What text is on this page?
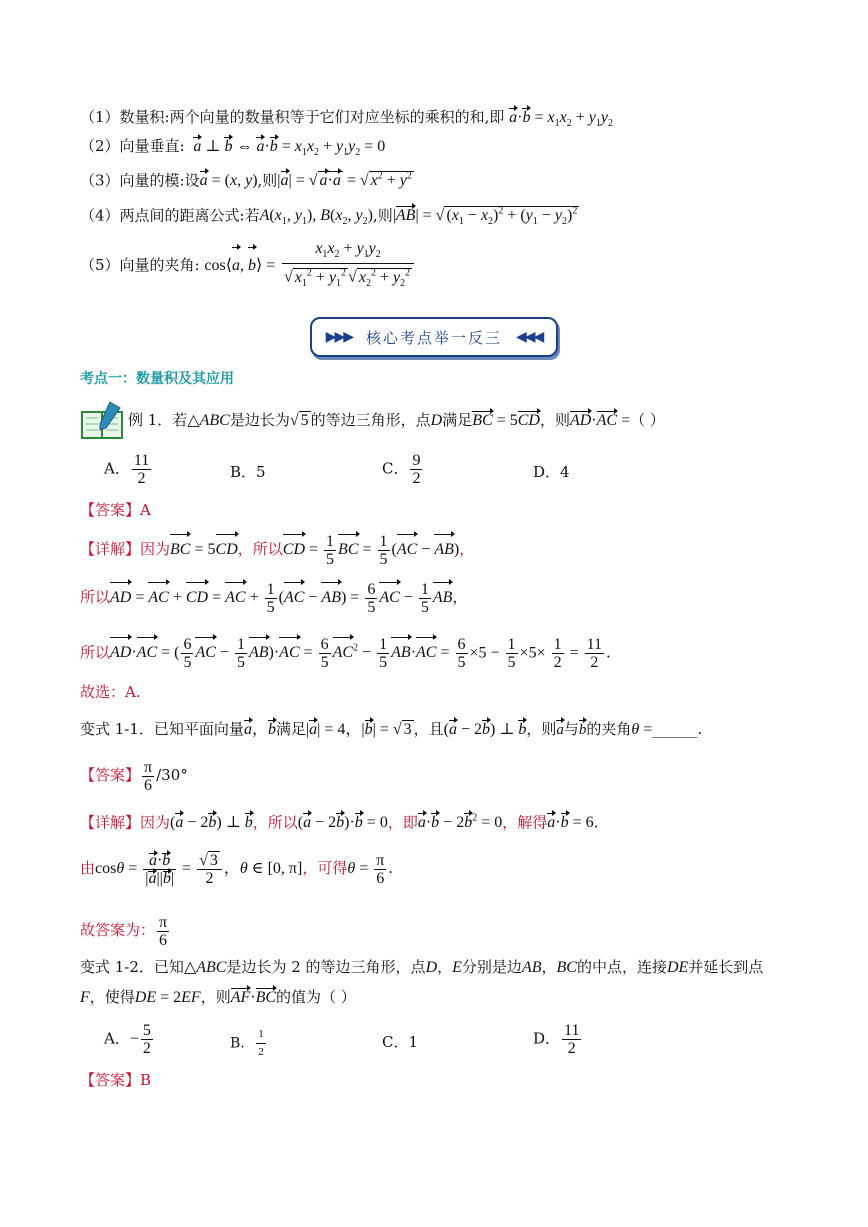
（1）数量积:两个向量的数量积等于它们对应坐标的乘积的和,即 $a\cdot b = x_1x_2 + y_1y_2$
（2）向量垂直: a ⊥ b ⇔ $a\cdot b = x_1x_2 + y_1y_2 = 0$
（3）向量的模:设a = (x, y),则|a| = √ a·a = √ $x^2 + y^2$
（4）两点间的距离公式:若$A(x_1$, $y_1$), $B(x_2$, $y_2$),则|AB| = √ $(x_1 - x_2)^2 + (y_1 - y_2)^2$
（5）向量的夹角: cos⟨a, b⟩ = $\frac{x_1x_2 + y_1y_2}{√ x_1^2 + y_1^2 √ x_2^2 + y_2^2}$
▶▶▶ 核心考点举一反三 ◀◀◀
考点一：数量积及其应用
例 1．若△ABC是边长为√ 5 的等边三角形，点D满足BC = 5CD，则AD·AC =（ ）
A． $\frac{11}{2}$	B．5	C． $\frac{9}{2}$	D．4
【答案】A
【详解】因为BC = 5CD，所以CD = $\frac{1}{5}$ BC = $\frac{1}{5} (AC - AB)$，
所以AD = AC + CD = AC + $\frac{1}{5} (AC - AB) = \frac{6}{5}$ AC − $\frac{1}{5}$ AB，
所以AD·AC = ( $\frac{6}{5}$ AC − $\frac{1}{5} AB)\cdot AC = \frac{6}{5} AC^2 - \frac{1}{5} AB\cdot AC = \frac{6}{5} \times 5 - \frac{1}{5} \times 5\times \frac{1}{2} = \frac{11}{2}$ .
故选：A.
变式 1-1．已知平面向量a，b满足|a| = 4，|b| = √ 3 ，且(a − 2b) ⊥ b，则a与b的夹角θ =______.
【答案】 $\frac{\pi}{6} /30^\circ$
【详解】因为(a − 2b) ⊥ b，所以(a − 2b)·b = 0，即$a\cdot b - 2b^2 = 0$，解得a·b = 6.
由$\cos\theta = \frac{a\cdot b}{|a||b|} = \frac{√ 3}{2}$ ，θ ∈ [0, π]，可得$\theta = \frac{\pi}{6}$ .
故答案为： $\frac{\pi}{6}$
变式 1-2．已知△ABC是边长为 2 的等边三角形，点D，E分别是边AB，BC的中点，连接DE并延长到点
F，使得DE = 2EF，则AF·BC的值为（ ）
A．− $\frac{5}{2}$	B． $\frac{1}{2}$	C．1	D． $\frac{11}{2}$
【答案】B
